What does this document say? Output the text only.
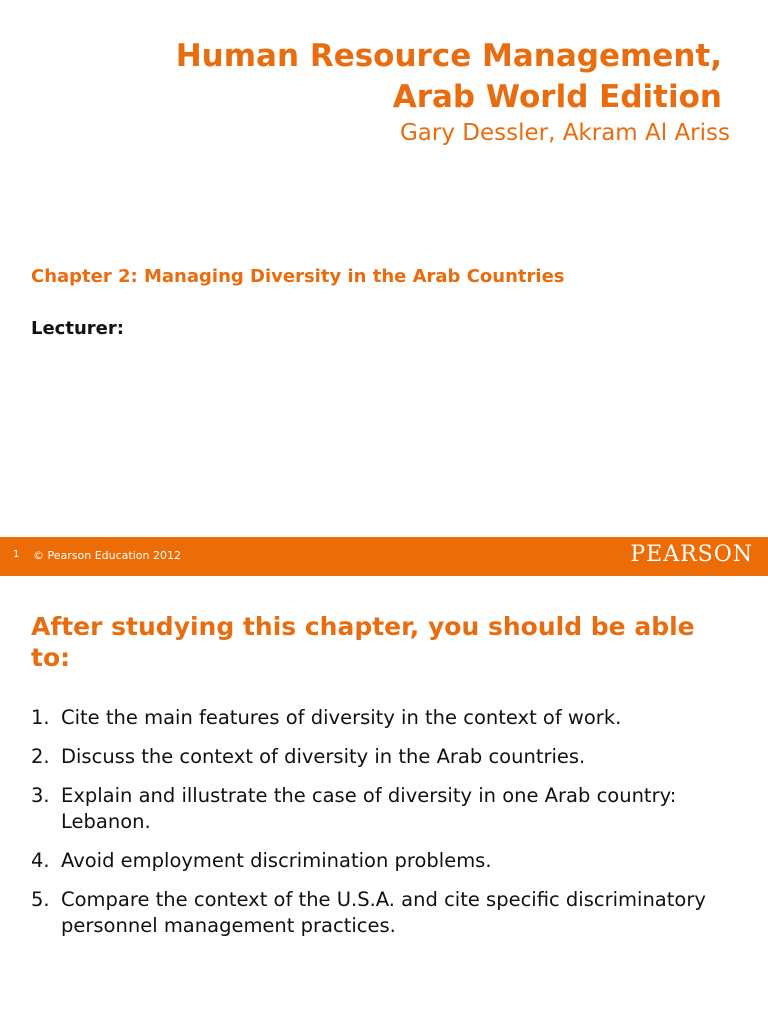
Human Resource Management,
Arab World Edition
Gary Dessler, Akram Al Ariss
Chapter 2: Managing Diversity in the Arab Countries
Lecturer:
1 © Pearson Education 2012	PEARSON
After studying this chapter, you should be able to:
1. Cite the main features of diversity in the context of work.
2. Discuss the context of diversity in the Arab countries.
3. Explain and illustrate the case of diversity in one Arab country: Lebanon.
4. Avoid employment discrimination problems.
5. Compare the context of the U.S.A. and cite specific discriminatory personnel management practices.
